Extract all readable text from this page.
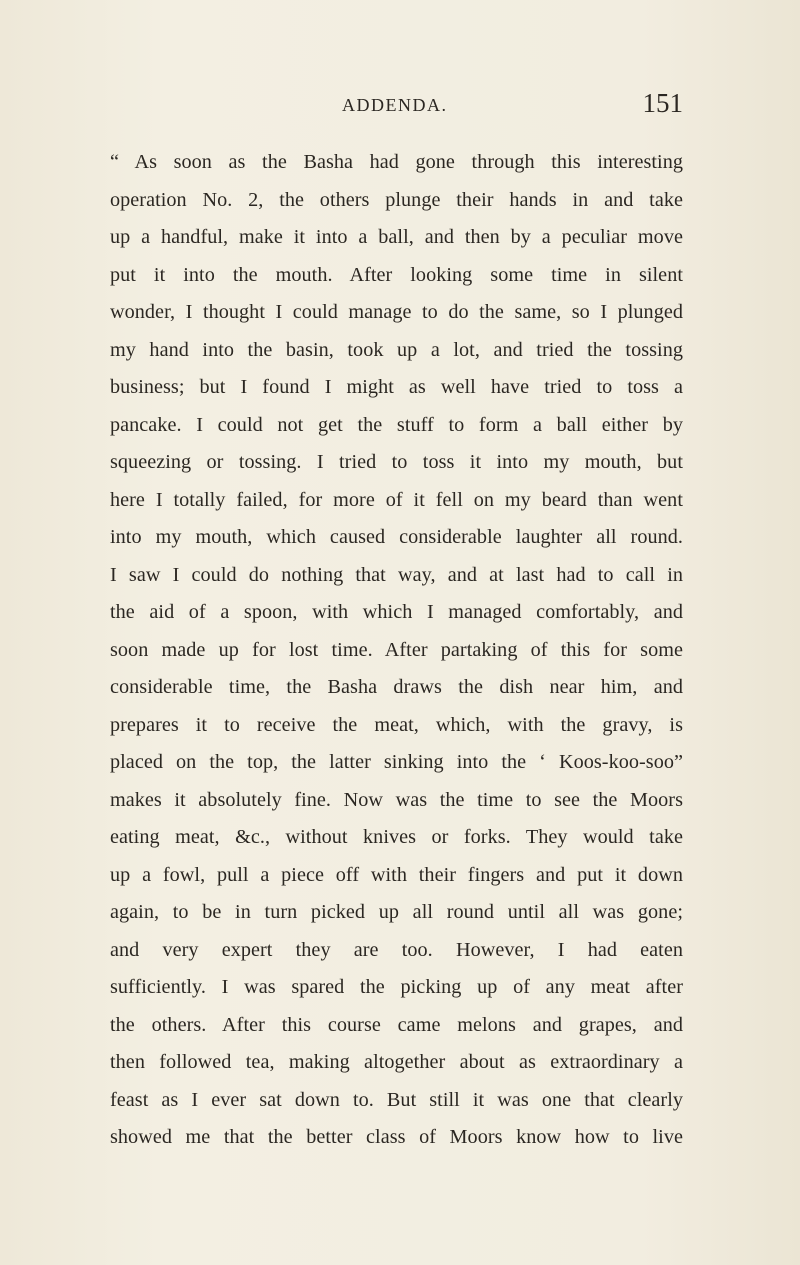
ADDENDA.	151
“ As soon as the Basha had gone through this interesting
operation No. 2, the others plunge their hands in and take
up a handful, make it into a ball, and then by a peculiar move
put it into the mouth. After looking some time in silent
wonder, I thought I could manage to do the same, so I plunged
my hand into the basin, took up a lot, and tried the tossing
business; but I found I might as well have tried to toss a
pancake. I could not get the stuff to form a ball either by
squeezing or tossing. I tried to toss it into my mouth, but
here I totally failed, for more of it fell on my beard than went
into my mouth, which caused considerable laughter all round.
I saw I could do nothing that way, and at last had to call in
the aid of a spoon, with which I managed comfortably, and
soon made up for lost time. After partaking of this for some
considerable time, the Basha draws the dish near him, and
prepares it to receive the meat, which, with the gravy, is
placed on the top, the latter sinking into the ‘ Koos-koo-soo”
makes it absolutely fine. Now was the time to see the Moors
eating meat, &c., without knives or forks. They would take
up a fowl, pull a piece off with their fingers and put it down
again, to be in turn picked up all round until all was gone;
and very expert they are too. However, I had eaten
sufficiently. I was spared the picking up of any meat after
the others. After this course came melons and grapes, and
then followed tea, making altogether about as extraordinary a
feast as I ever sat down to. But still it was one that clearly
showed me that the better class of Moors know how to live
